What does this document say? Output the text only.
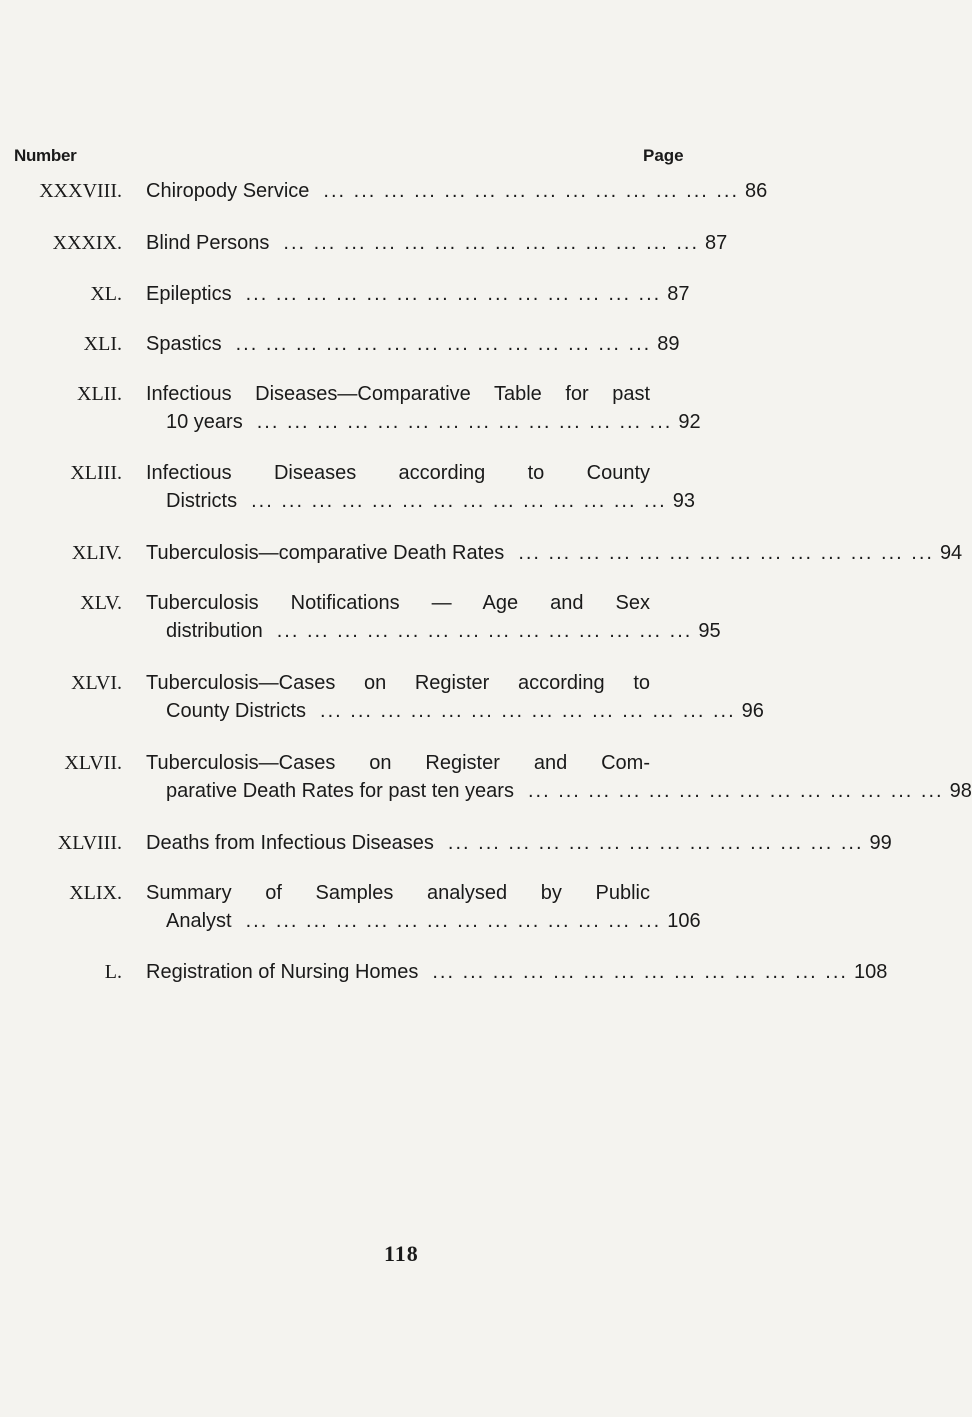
Number	Page
XXXVIII. Chiropody Service ... ... ... ... ... ... ... ... ... ... ... ... ... ... 86
XXXIX. Blind Persons ... ... ... ... ... ... ... ... ... ... ... ... ... ... 87
XL. Epileptics ... ... ... ... ... ... ... ... ... ... ... ... ... ... 87
XLI. Spastics ... ... ... ... ... ... ... ... ... ... ... ... ... ... 89
XLII. Infectious Diseases—Comparative Table for past
10 years ... ... ... ... ... ... ... ... ... ... ... ... ... ... 92
XLIII. Infectious Diseases according to County
Districts ... ... ... ... ... ... ... ... ... ... ... ... ... ... 93
XLIV. Tuberculosis—comparative Death Rates ... ... ... ... ... ... ... ... ... ... ... ... ... ... 94
XLV. Tuberculosis Notifications — Age and Sex
distribution ... ... ... ... ... ... ... ... ... ... ... ... ... ... 95
XLVI. Tuberculosis—Cases on Register according to
County Districts ... ... ... ... ... ... ... ... ... ... ... ... ... ... 96
XLVII. Tuberculosis—Cases on Register and Com-
parative Death Rates for past ten years ... ... ... ... ... ... ... ... ... ... ... ... ... ... 98
XLVIII. Deaths from Infectious Diseases ... ... ... ... ... ... ... ... ... ... ... ... ... ... 99
XLIX. Summary of Samples analysed by Public
Analyst ... ... ... ... ... ... ... ... ... ... ... ... ... ... 106
L. Registration of Nursing Homes ... ... ... ... ... ... ... ... ... ... ... ... ... ... 108
118
